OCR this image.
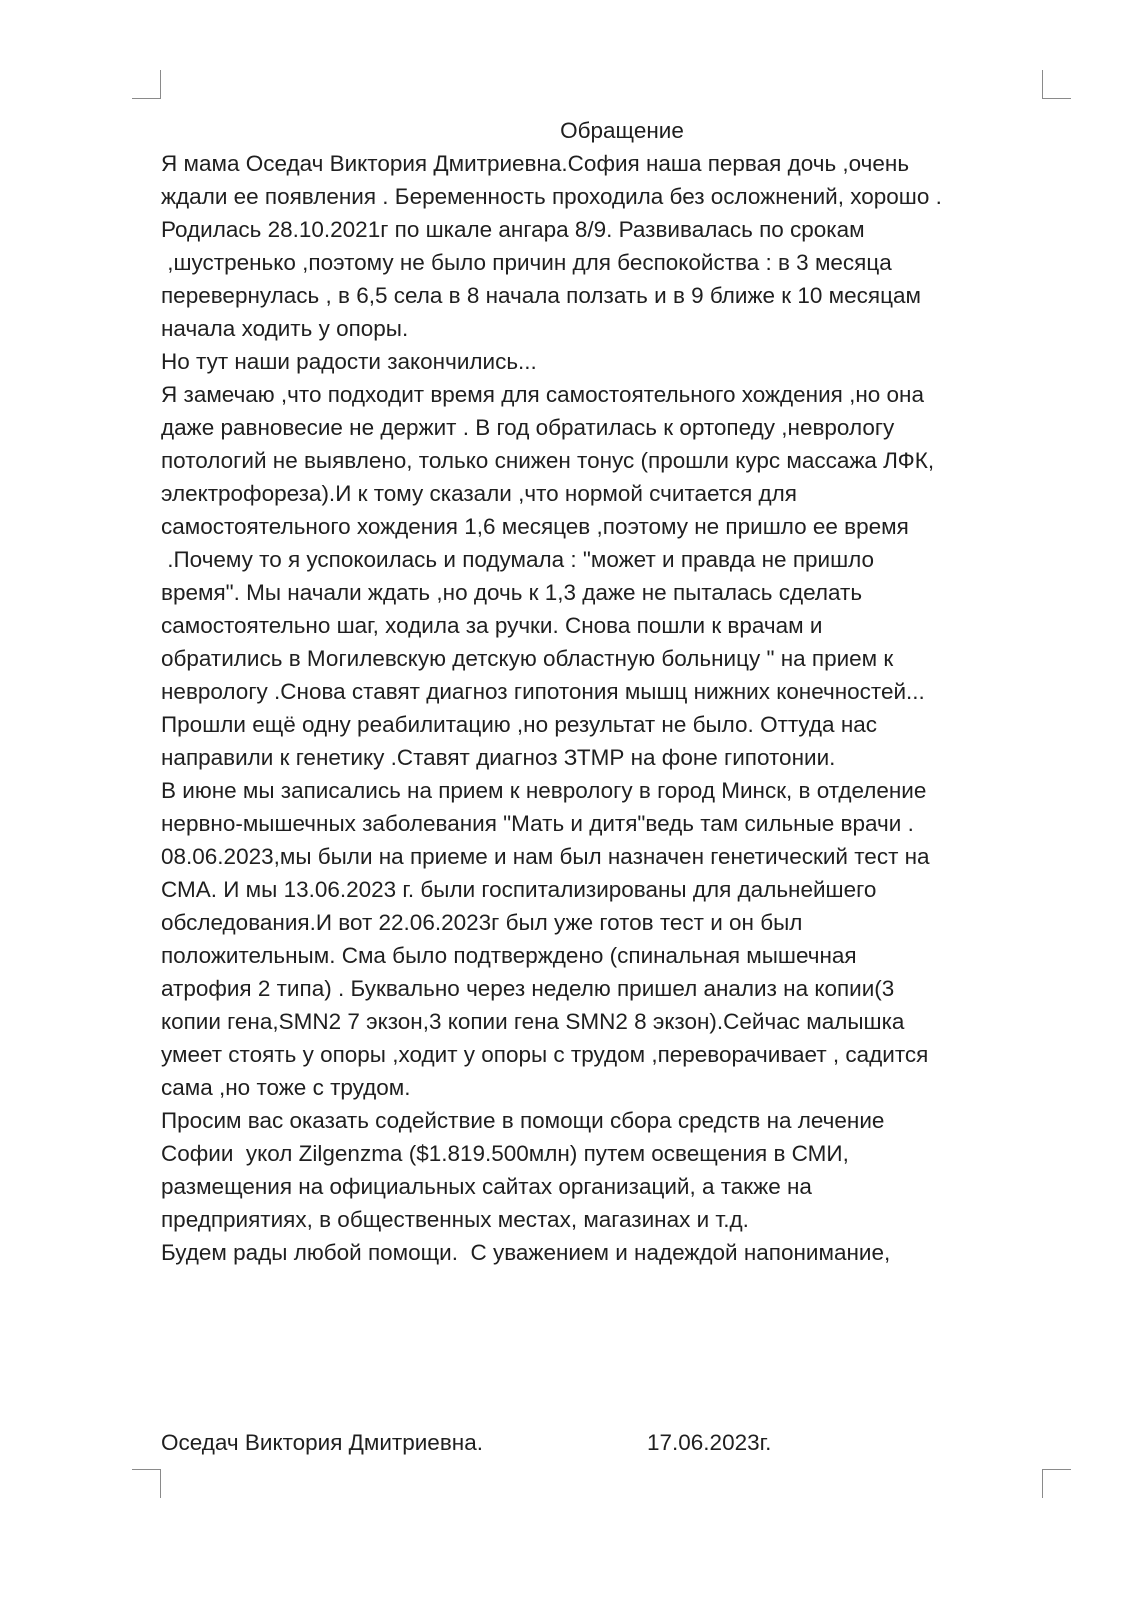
Обращение
Я мама Оседач Виктория Дмитриевна.София наша первая дочь ,очень
ждали ее появления . Беременность проходила без осложнений, хорошо .
Родилась 28.10.2021г по шкале ангара 8/9. Развивалась по срокам
,шустренько ,поэтому не было причин для беспокойства : в 3 месяца
перевернулась , в 6,5 села в 8 начала ползать и в 9 ближе к 10 месяцам
начала ходить у опоры.
Но тут наши радости закончились...
Я замечаю ,что подходит время для самостоятельного хождения ,но она
даже равновесие не держит . В год обратилась к ортопеду ,неврологу
потологий не выявлено, только снижен тонус (прошли курс массажа ЛФК,
электрофореза).И к тому сказали ,что нормой считается для
самостоятельного хождения 1,6 месяцев ,поэтому не пришло ее время
.Почему то я успокоилась и подумала : "может и правда не пришло
время". Мы начали ждать ,но дочь к 1,3 даже не пыталась сделать
самостоятельно шаг, ходила за ручки. Снова пошли к врачам и
обратились в Могилевскую детскую областную больницу " на прием к
неврологу .Снова ставят диагноз гипотония мышц нижних конечностей...
Прошли ещё одну реабилитацию ,но результат не было. Оттуда нас
направили к генетику .Ставят диагноз ЗТМР на фоне гипотонии.
В июне мы записались на прием к неврологу в город Минск, в отделение
нервно-мышечных заболевания "Мать и дитя"ведь там сильные врачи .
08.06.2023,мы были на приеме и нам был назначен генетический тест на
СМА. И мы 13.06.2023 г. были госпитализированы для дальнейшего
обследования.И вот 22.06.2023г был уже готов тест и он был
положительным. Сма было подтверждено (спинальная мышечная
атрофия 2 типа) . Буквально через неделю пришел анализ на копии(3
копии гена,SMN2 7 экзон,3 копии гена SMN2 8 экзон).Сейчас малышка
умеет стоять у опоры ,ходит у опоры с трудом ,переворачивает , садится
сама ,но тоже с трудом.
Просим вас оказать содействие в помощи сбора средств на лечение
Софии  укол Zilgenzma ($1.819.500млн) путем освещения в СМИ,
размещения на официальных сайтах организаций, а также на
предприятиях, в общественных местах, магазинах и т.д.
Будем рады любой помощи.  С уважением и надеждой напонимание,
Оседач Виктория Дмитриевна.	17.06.2023г.
